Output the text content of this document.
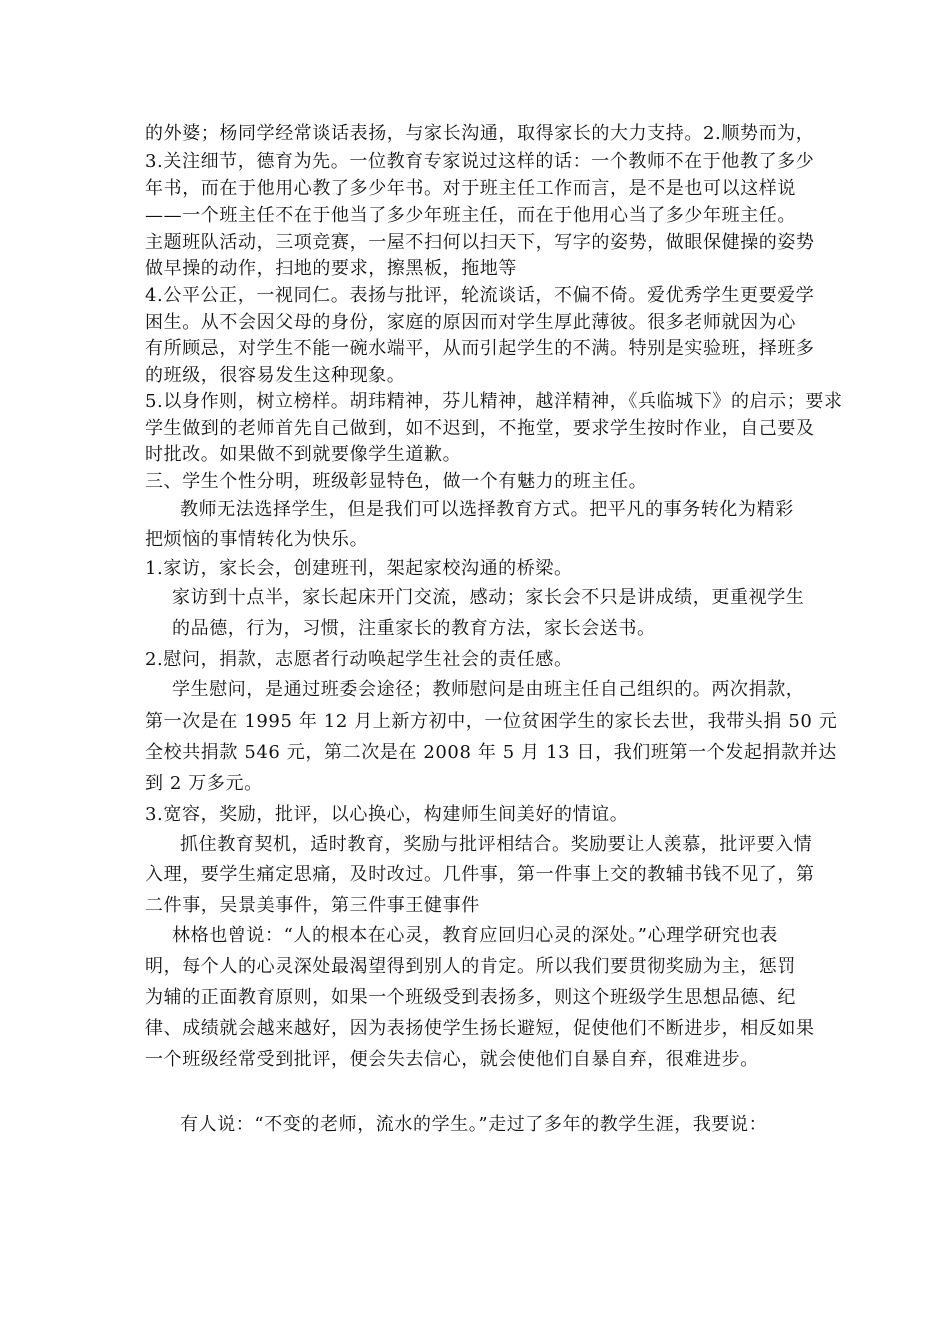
的外婆；杨同学经常谈话表扬，与家长沟通，取得家长的大力支持。2.顺势而为，
3.关注细节，德育为先。一位教育专家说过这样的话：一个教师不在于他教了多少
年书，而在于他用心教了多少年书。对于班主任工作而言，是不是也可以这样说
——一个班主任不在于他当了多少年班主任，而在于他用心当了多少年班主任。
主题班队活动，三项竞赛，一屋不扫何以扫天下，写字的姿势，做眼保健操的姿势
做早操的动作，扫地的要求，擦黑板，拖地等
4.公平公正，一视同仁。表扬与批评，轮流谈话，不偏不倚。爱优秀学生更要爱学
困生。从不会因父母的身份，家庭的原因而对学生厚此薄彼。很多老师就因为心
有所顾忌，对学生不能一碗水端平，从而引起学生的不满。特别是实验班，择班多
的班级，很容易发生这种现象。
5.以身作则，树立榜样。胡玮精神，芬儿精神，越洋精神，《兵临城下》的启示；要求
学生做到的老师首先自己做到，如不迟到，不拖堂，要求学生按时作业，自己要及
时批改。如果做不到就要像学生道歉。
三、学生个性分明，班级彰显特色，做一个有魅力的班主任。
教师无法选择学生，但是我们可以选择教育方式。把平凡的事务转化为精彩
把烦恼的事情转化为快乐。
1.家访，家长会，创建班刊，架起家校沟通的桥梁。
家访到十点半，家长起床开门交流，感动；家长会不只是讲成绩，更重视学生
的品德，行为，习惯，注重家长的教育方法，家长会送书。
2.慰问，捐款，志愿者行动唤起学生社会的责任感。
学生慰问，是通过班委会途径；教师慰问是由班主任自己组织的。两次捐款，
第一次是在 1995 年 12 月上新方初中，一位贫困学生的家长去世，我带头捐 50 元
全校共捐款 546 元，第二次是在 2008 年 5 月 13 日，我们班第一个发起捐款并达
到 2 万多元。
3.宽容，奖励，批评，以心换心，构建师生间美好的情谊。
抓住教育契机，适时教育，奖励与批评相结合。奖励要让人羡慕，批评要入情
入理，要学生痛定思痛，及时改过。几件事，第一件事上交的教辅书钱不见了，第
二件事，吴景美事件，第三件事王健事件
林格也曾说：“人的根本在心灵，教育应回归心灵的深处。”心理学研究也表
明，每个人的心灵深处最渴望得到别人的肯定。所以我们要贯彻奖励为主，惩罚
为辅的正面教育原则，如果一个班级受到表扬多，则这个班级学生思想品德、纪
律、成绩就会越来越好，因为表扬使学生扬长避短，促使他们不断进步，相反如果
一个班级经常受到批评，便会失去信心，就会使他们自暴自弃，很难进步。
有人说：“不变的老师，流水的学生。”走过了多年的教学生涯，我要说：
